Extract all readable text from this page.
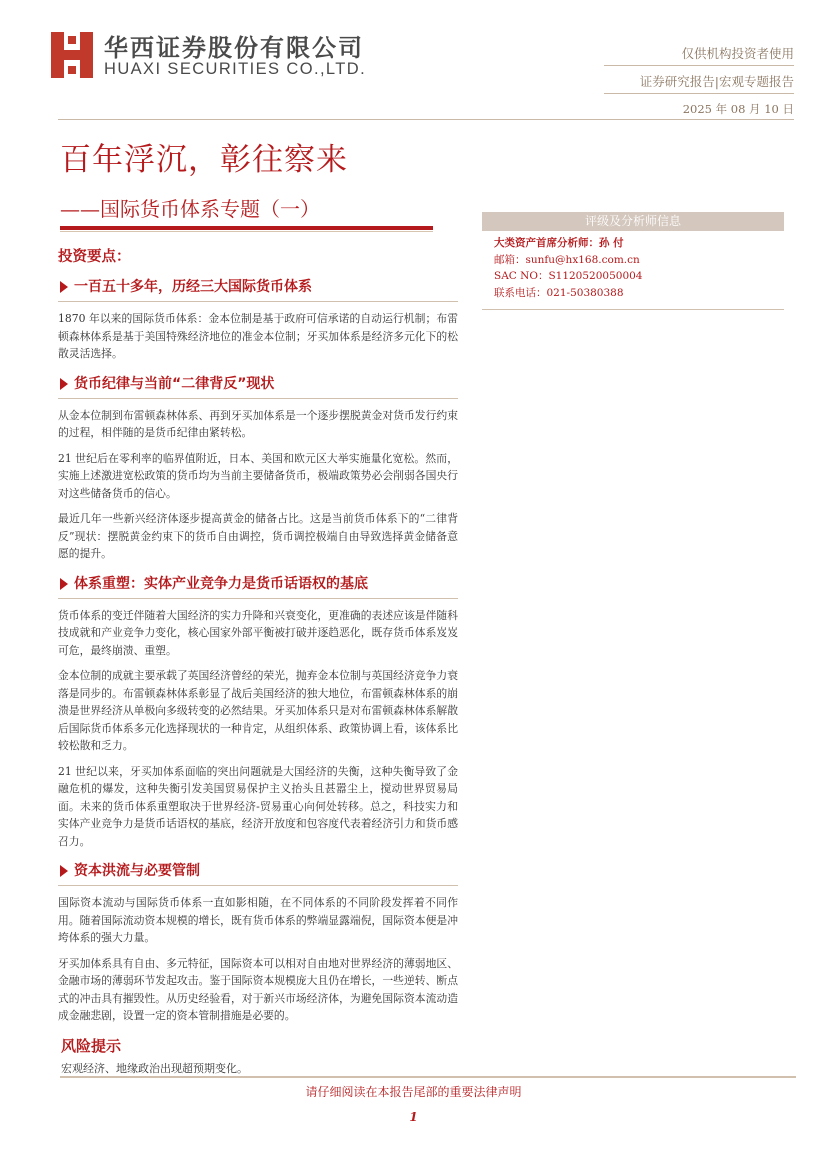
华西证券股份有限公司
HUAXI SECURITIES CO.,LTD.
仅供机构投资者使用
证券研究报告|宏观专题报告
2025 年 08 月 10 日
百年浮沉，彰往察来
——国际货币体系专题（一）
投资要点：
一百五十多年，历经三大国际货币体系

1870 年以来的国际货币体系：金本位制是基于政府可信承诺的自动运行机制；布雷顿森林体系是基于美国特殊经济地位的准金本位制；牙买加体系是经济多元化下的松散灵活选择。

货币纪律与当前“二律背反”现状

从金本位制到布雷顿森林体系、再到牙买加体系是一个逐步摆脱黄金对货币发行约束的过程，相伴随的是货币纪律由紧转松。

21 世纪后在零利率的临界值附近，日本、美国和欧元区大举实施量化宽松。然而，实施上述激进宽松政策的货币均为当前主要储备货币，极端政策势必会削弱各国央行对这些储备货币的信心。

最近几年一些新兴经济体逐步提高黄金的储备占比。这是当前货币体系下的“二律背反”现状：摆脱黄金约束下的货币自由调控，货币调控极端自由导致选择黄金储备意愿的提升。

体系重塑：实体产业竞争力是货币话语权的基底

货币体系的变迁伴随着大国经济的实力升降和兴衰变化，更准确的表述应该是伴随科技成就和产业竞争力变化，核心国家外部平衡被打破并逐趋恶化，既存货币体系岌岌可危，最终崩溃、重塑。

金本位制的成就主要承载了英国经济曾经的荣光，抛弃金本位制与英国经济竞争力衰落是同步的。布雷顿森林体系彰显了战后美国经济的独大地位，布雷顿森林体系的崩溃是世界经济从单极向多级转变的必然结果。牙买加体系只是对布雷顿森林体系解散后国际货币体系多元化选择现状的一种肯定，从组织体系、政策协调上看，该体系比较松散和乏力。

21 世纪以来，牙买加体系面临的突出问题就是大国经济的失衡，这种失衡导致了金融危机的爆发，这种失衡引发美国贸易保护主义抬头且甚嚣尘上，搅动世界贸易局面。未来的货币体系重塑取决于世界经济-贸易重心向何处转移。总之，科技实力和实体产业竞争力是货币话语权的基底，经济开放度和包容度代表着经济引力和货币感召力。

资本洪流与必要管制

国际资本流动与国际货币体系一直如影相随，在不同体系的不同阶段发挥着不同作用。随着国际流动资本规模的增长，既有货币体系的弊端显露端倪，国际资本便是冲垮体系的强大力量。

牙买加体系具有自由、多元特征，国际资本可以相对自由地对世界经济的薄弱地区、金融市场的薄弱环节发起攻击。鉴于国际资本规模庞大且仍在增长，一些逆转、断点式的冲击具有摧毁性。从历史经验看，对于新兴市场经济体，为避免国际资本流动造成金融悲剧，设置一定的资本管制措施是必要的。

风险提示
宏观经济、地缘政治出现超预期变化。
评级及分析师信息
大类资产首席分析师：孙 付
邮箱：sunfu@hx168.com.cn
SAC NO：S1120520050004
联系电话：021-50380388
请仔细阅读在本报告尾部的重要法律声明
1
